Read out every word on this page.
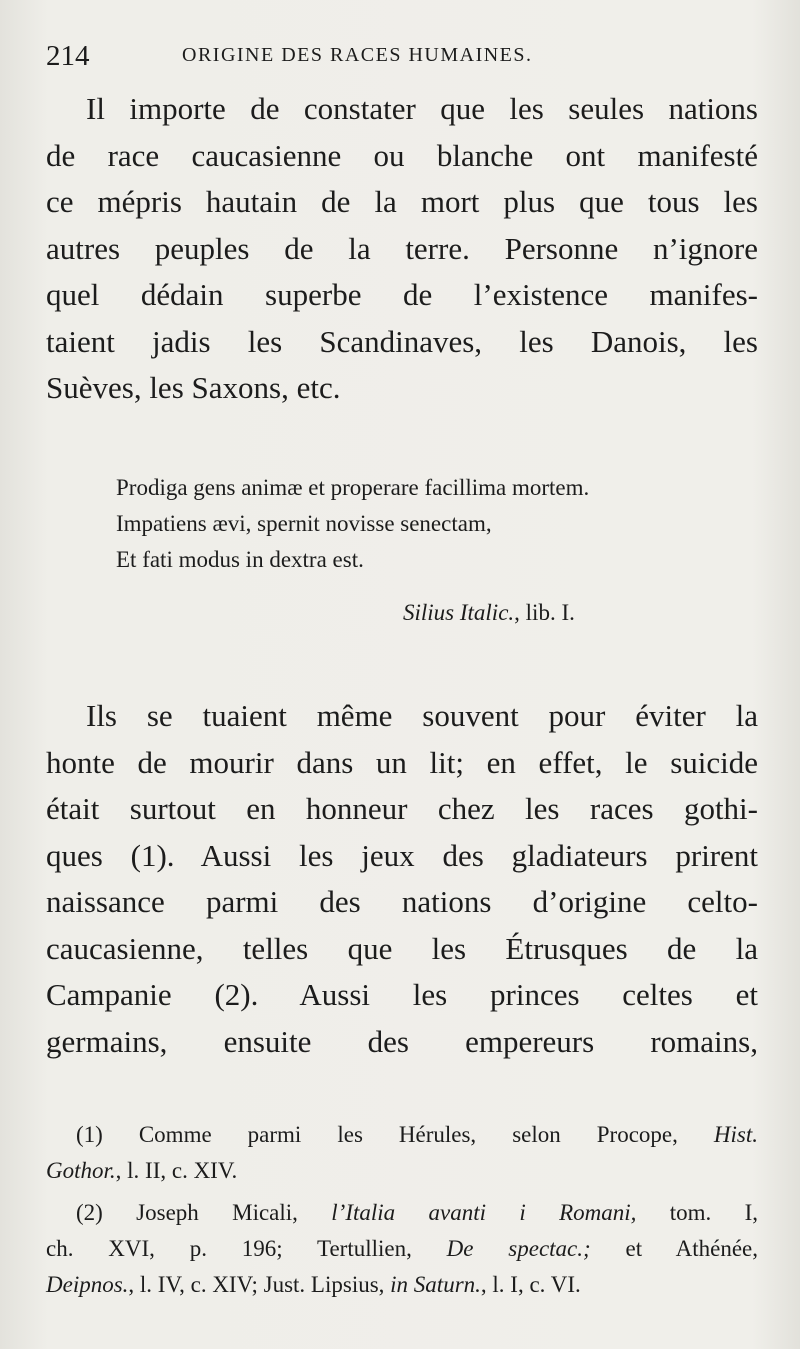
214	ORIGINE DES RACES HUMAINES.
Il importe de constater que les seules nations
de race caucasienne ou blanche ont manifesté
ce mépris hautain de la mort plus que tous les
autres peuples de la terre. Personne n’ignore
quel dédain superbe de l’existence manifes-
taient jadis les Scandinaves, les Danois, les
Suèves, les Saxons, etc.
Prodiga gens animæ et properare facillima mortem.
Impatiens ævi, spernit novisse senectam,
Et fati modus in dextra est.
Silius Italic., lib. I.
Ils se tuaient même souvent pour éviter la
honte de mourir dans un lit; en effet, le suicide
était surtout en honneur chez les races gothi-
ques (1). Aussi les jeux des gladiateurs prirent
naissance parmi des nations d’origine celto-
caucasienne, telles que les Étrusques de la
Campanie (2). Aussi les princes celtes et
germains, ensuite des empereurs romains,
(1) Comme parmi les Hérules, selon Procope, Hist.
Gothor., l. II, c. XIV.
(2) Joseph Micali, l’Italia avanti i Romani, tom. I,
ch. XVI, p. 196; Tertullien, De spectac.; et Athénée,
Deipnos., l. IV, c. XIV; Just. Lipsius, in Saturn., l. I, c. VI.
